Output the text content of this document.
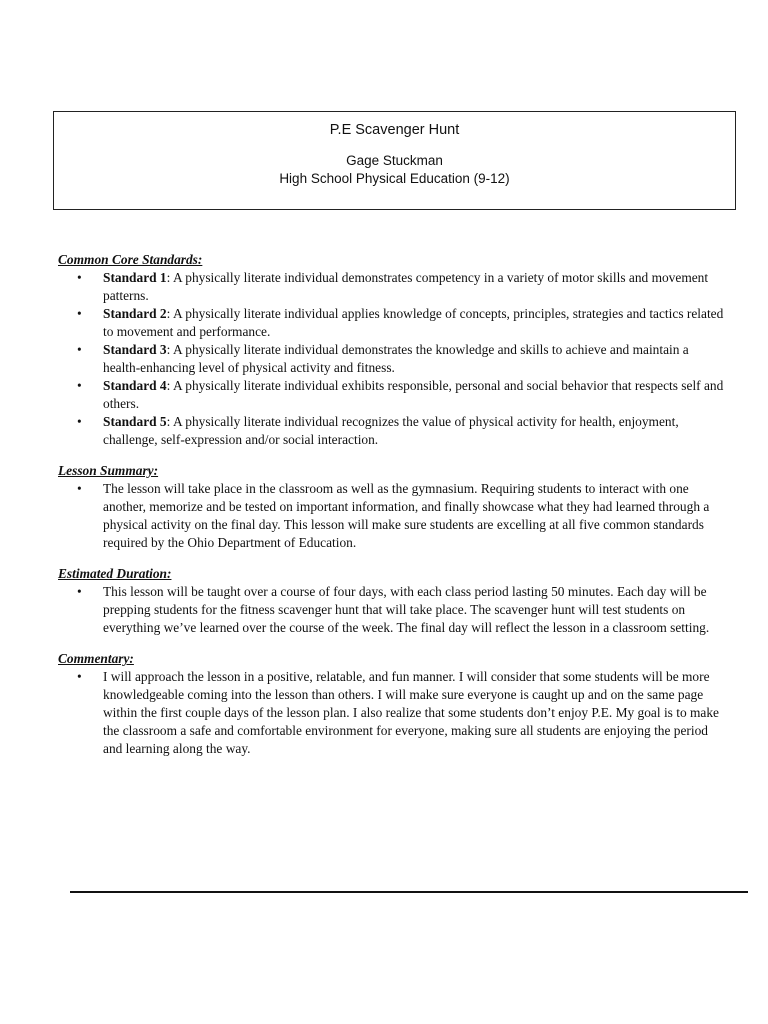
P.E Scavenger Hunt
Gage Stuckman
High School Physical Education (9-12)
Common Core Standards:
• Standard 1: A physically literate individual demonstrates competency in a variety of motor skills and movement patterns.
• Standard 2: A physically literate individual applies knowledge of concepts, principles, strategies and tactics related to movement and performance.
• Standard 3: A physically literate individual demonstrates the knowledge and skills to achieve and maintain a health-enhancing level of physical activity and fitness.
• Standard 4: A physically literate individual exhibits responsible, personal and social behavior that respects self and others.
• Standard 5: A physically literate individual recognizes the value of physical activity for health, enjoyment, challenge, self-expression and/or social interaction.
Lesson Summary:
• The lesson will take place in the classroom as well as the gymnasium. Requiring students to interact with one another, memorize and be tested on important information, and finally showcase what they had learned through a physical activity on the final day. This lesson will make sure students are excelling at all five common standards required by the Ohio Department of Education.
Estimated Duration:
• This lesson will be taught over a course of four days, with each class period lasting 50 minutes. Each day will be prepping students for the fitness scavenger hunt that will take place. The scavenger hunt will test students on everything we’ve learned over the course of the week. The final day will reflect the lesson in a classroom setting.
Commentary:
• I will approach the lesson in a positive, relatable, and fun manner. I will consider that some students will be more knowledgeable coming into the lesson than others. I will make sure everyone is caught up and on the same page within the first couple days of the lesson plan. I also realize that some students don’t enjoy P.E. My goal is to make the classroom a safe and comfortable environment for everyone, making sure all students are enjoying the period and learning along the way.
